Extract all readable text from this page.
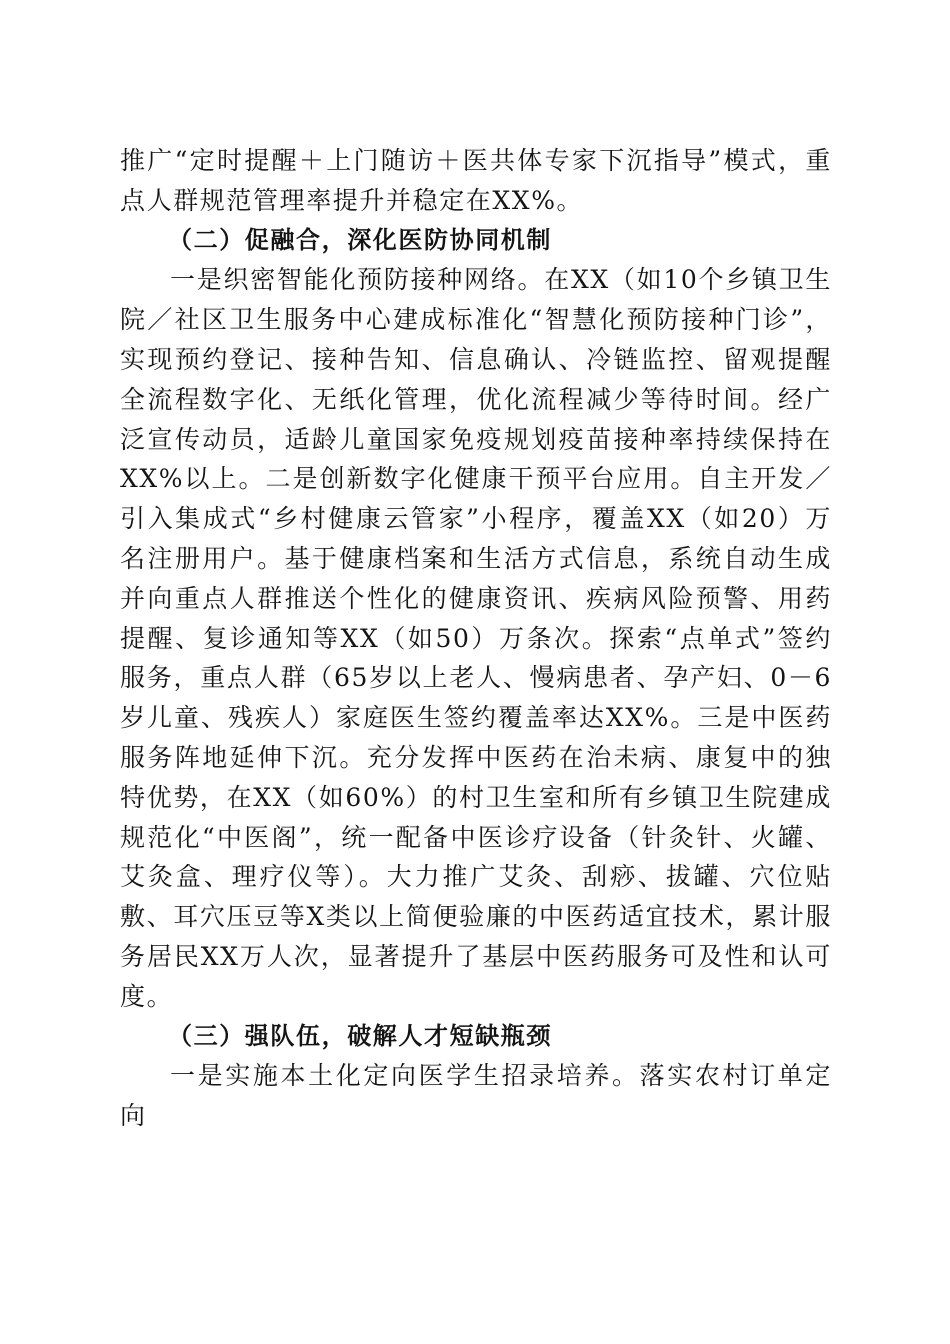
推广“定时提醒＋上门随访＋医共体专家下沉指导”模式，重点人群规范管理率提升并稳定在XX%。

（二）促融合，深化医防协同机制

一是织密智能化预防接种网络。在XX（如10个乡镇卫生院／社区卫生服务中心建成标准化“智慧化预防接种门诊”，实现预约登记、接种告知、信息确认、冷链监控、留观提醒全流程数字化、无纸化管理，优化流程减少等待时间。经广泛宣传动员，适龄儿童国家免疫规划疫苗接种率持续保持在XX%以上。二是创新数字化健康干预平台应用。自主开发／引入集成式“乡村健康云管家”小程序，覆盖XX（如20）万名注册用户。基于健康档案和生活方式信息，系统自动生成并向重点人群推送个性化的健康资讯、疾病风险预警、用药提醒、复诊通知等XX（如50）万条次。探索“点单式”签约服务，重点人群（65岁以上老人、慢病患者、孕产妇、0－6岁儿童、残疾人）家庭医生签约覆盖率达XX%。三是中医药服务阵地延伸下沉。充分发挥中医药在治未病、康复中的独特优势，在XX（如60%）的村卫生室和所有乡镇卫生院建成规范化“中医阁”，统一配备中医诊疗设备（针灸针、火罐、艾灸盒、理疗仪等）。大力推广艾灸、刮痧、拔罐、穴位贴敷、耳穴压豆等X类以上简便验廉的中医药适宜技术，累计服务居民XX万人次，显著提升了基层中医药服务可及性和认可度。

（三）强队伍，破解人才短缺瓶颈

一是实施本土化定向医学生招录培养。落实农村订单定向
